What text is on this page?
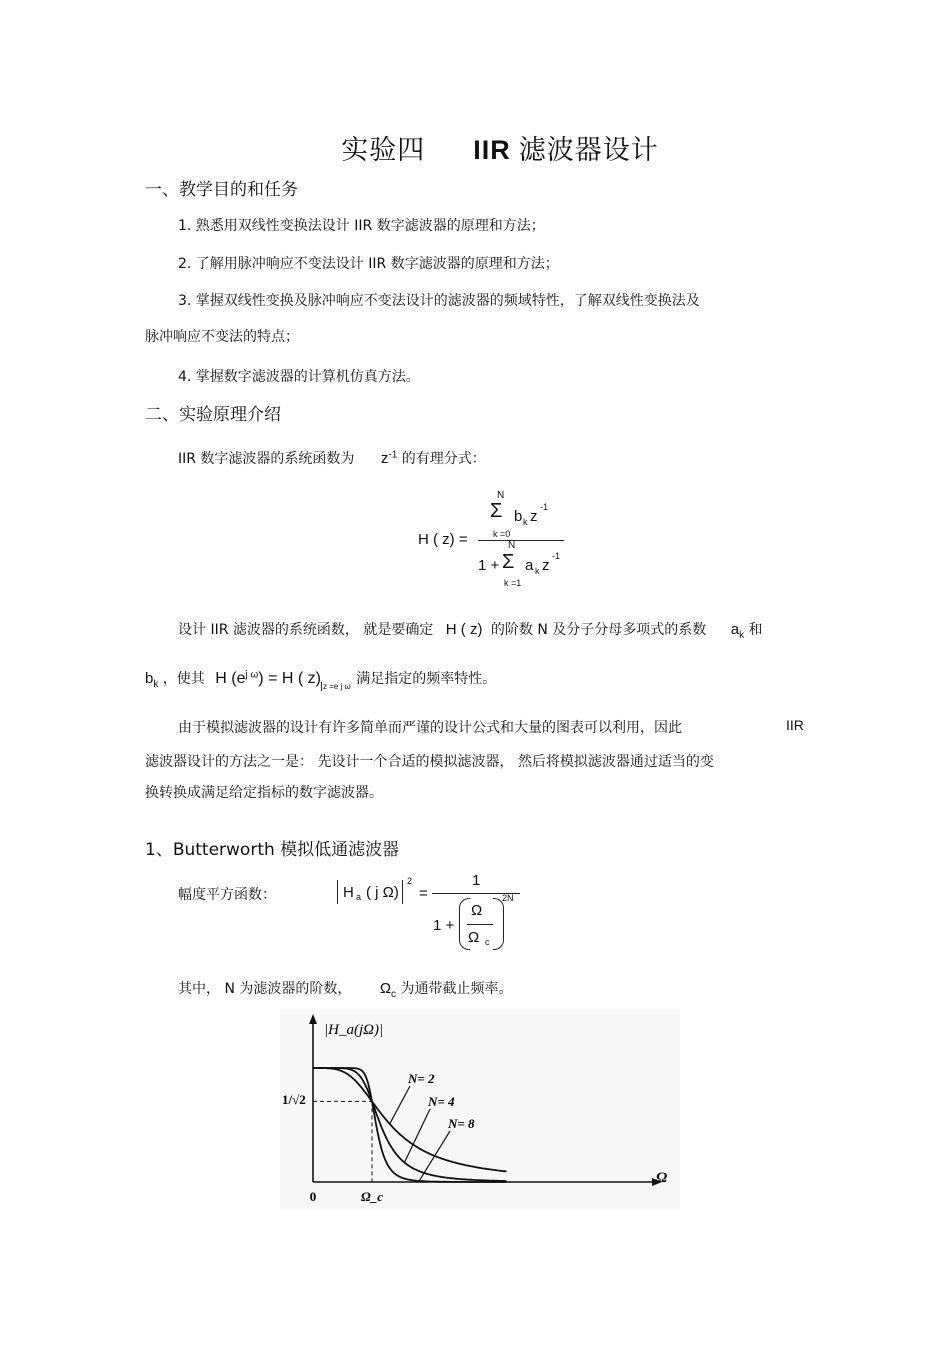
实验四 IIR 滤波器设计
一、教学目的和任务
1. 熟悉用双线性变换法设计 IIR 数字滤波器的原理和方法；
2. 了解用脉冲响应不变法设计 IIR 数字滤波器的原理和方法；
3. 掌握双线性变换及脉冲响应不变法设计的滤波器的频域特性，了解双线性变换法及
脉冲响应不变法的特点；
4. 掌握数字滤波器的计算机仿真方法。
二、实验原理介绍
IIR 数字滤波器的系统函数为 $z^{-1}$ 的有理分式：
H ( z) =
N
Σ b k z
-1
k =0
N
1 + Σ a k z
-1
k =1
设计 IIR 滤波器的系统函数， 就是要确定 H ( z) 的阶数 N 及分子分母多项式的系数 $a_k$ 和
$b_k$ ，使其 H $(e^{j \omega}) = H$ ( z) $_{z =e j \omega}$ 满足指定的频率特性。
由于模拟滤波器的设计有许多简单而严谨的设计公式和大量的图表可以利用，因此	IIR
滤波器设计的方法之一是： 先设计一个合适的模拟滤波器， 然后将模拟滤波器通过适当的变
换转换成满足给定指标的数字滤波器。
1、Butterworth 模拟低通滤波器
幅度平方函数：	H a ( j Ω)
2
=
1
1 +
Ω
Ω c
2N
其中， N 为滤波器的阶数， $\Omega_c$ 为通带截止频率。
|H_a(jΩ)|
Ω
0	Ω_c
1/√2
N= 2
N= 4
N= 8
